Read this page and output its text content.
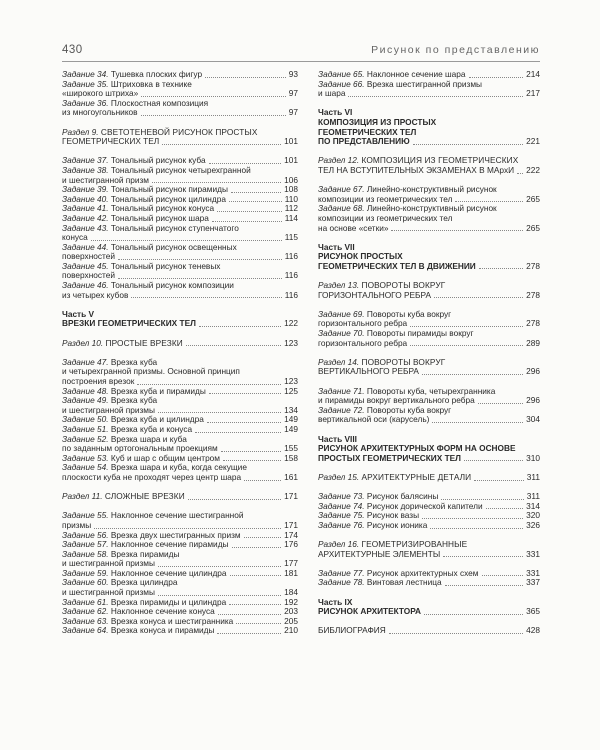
430	Рисунок по представлению
Задание 34. Тушевка плоских фигур	93
Задание 35. Штриховка в технике
«широкого штриха»	97
Задание 36. Плоскостная композиция
из многоугольников	97
Раздел 9. СВЕТОТЕНЕВОЙ РИСУНОК ПРОСТЫХ
ГЕОМЕТРИЧЕСКИХ ТЕЛ	101
Задание 37. Тональный рисунок куба	101
Задание 38. Тональный рисунок четырехгранной
и шестигранной призм	106
Задание 39. Тональный рисунок пирамиды	108
Задание 40. Тональный рисунок цилиндра	110
Задание 41. Тональный рисунок конуса	112
Задание 42. Тональный рисунок шара	114
Задание 43. Тональный рисунок ступенчатого
конуса	115
Задание 44. Тональный рисунок освещенных
поверхностей	116
Задание 45. Тональный рисунок теневых
поверхностей	116
Задание 46. Тональный рисунок композиции
из четырех кубов	116
Часть V
ВРЕЗКИ ГЕОМЕТРИЧЕСКИХ ТЕЛ	122
Раздел 10. ПРОСТЫЕ ВРЕЗКИ	123
Задание 47. Врезка куба
и четырехгранной призмы. Основной принцип
построения врезок	123
Задание 48. Врезка куба и пирамиды	125
Задание 49. Врезка куба
и шестигранной призмы	134
Задание 50. Врезка куба и цилиндра	149
Задание 51. Врезка куба и конуса	149
Задание 52. Врезка шара и куба
по заданным ортогональным проекциям	155
Задание 53. Куб и шар с общим центром	158
Задание 54. Врезка шара и куба, когда секущие
плоскости куба не проходят через центр шара	161
Раздел 11. СЛОЖНЫЕ ВРЕЗКИ	171
Задание 55. Наклонное сечение шестигранной
призмы	171
Задание 56. Врезка двух шестигранных призм	174
Задание 57. Наклонное сечение пирамиды	176
Задание 58. Врезка пирамиды
и шестигранной призмы	177
Задание 59. Наклонное сечение цилиндра	181
Задание 60. Врезка цилиндра
и шестигранной призмы	184
Задание 61. Врезка пирамиды и цилиндра	192
Задание 62. Наклонное сечение конуса	203
Задание 63. Врезка конуса и шестигранника	205
Задание 64. Врезка конуса и пирамиды	210
Задание 65. Наклонное сечение шара	214
Задание 66. Врезка шестигранной призмы
и шара	217
Часть VI
КОМПОЗИЦИЯ ИЗ ПРОСТЫХ
ГЕОМЕТРИЧЕСКИХ ТЕЛ
ПО ПРЕДСТАВЛЕНИЮ	221
Раздел 12. КОМПОЗИЦИЯ ИЗ ГЕОМЕТРИЧЕСКИХ
ТЕЛ НА ВСТУПИТЕЛЬНЫХ ЭКЗАМЕНАХ В МАрхИ 222
Задание 67. Линейно-конструктивный рисунок
композиции из геометрических тел	265
Задание 68. Линейно-конструктивный рисунок
композиции из геометрических тел
на основе «сетки»	265
Часть VII
РИСУНОК ПРОСТЫХ
ГЕОМЕТРИЧЕСКИХ ТЕЛ В ДВИЖЕНИИ	278
Раздел 13. ПОВОРОТЫ ВОКРУГ
ГОРИЗОНТАЛЬНОГО РЕБРА	278
Задание 69. Повороты куба вокруг
горизонтального ребра	278
Задание 70. Повороты пирамиды вокруг
горизонтального ребра	289
Раздел 14. ПОВОРОТЫ ВОКРУГ
ВЕРТИКАЛЬНОГО РЕБРА	296
Задание 71. Повороты куба, четырехгранника
и пирамиды вокруг вертикального ребра	296
Задание 72. Повороты куба вокруг
вертикальной оси (карусель)	304
Часть VIII
РИСУНОК АРХИТЕКТУРНЫХ ФОРМ НА ОСНОВЕ
ПРОСТЫХ ГЕОМЕТРИЧЕСКИХ ТЕЛ	310
Раздел 15. АРХИТЕКТУРНЫЕ ДЕТАЛИ	311
Задание 73. Рисунок балясины	311
Задание 74. Рисунок дорической капители	314
Задание 75. Рисунок вазы	320
Задание 76. Рисунок ионика	326
Раздел 16. ГЕОМЕТРИЗИРОВАННЫЕ
АРХИТЕКТУРНЫЕ ЭЛЕМЕНТЫ	331
Задание 77. Рисунок архитектурных схем	331
Задание 78. Винтовая лестница	337
Часть IX
РИСУНОК АРХИТЕКТОРА	365
БИБЛИОГРАФИЯ	428
